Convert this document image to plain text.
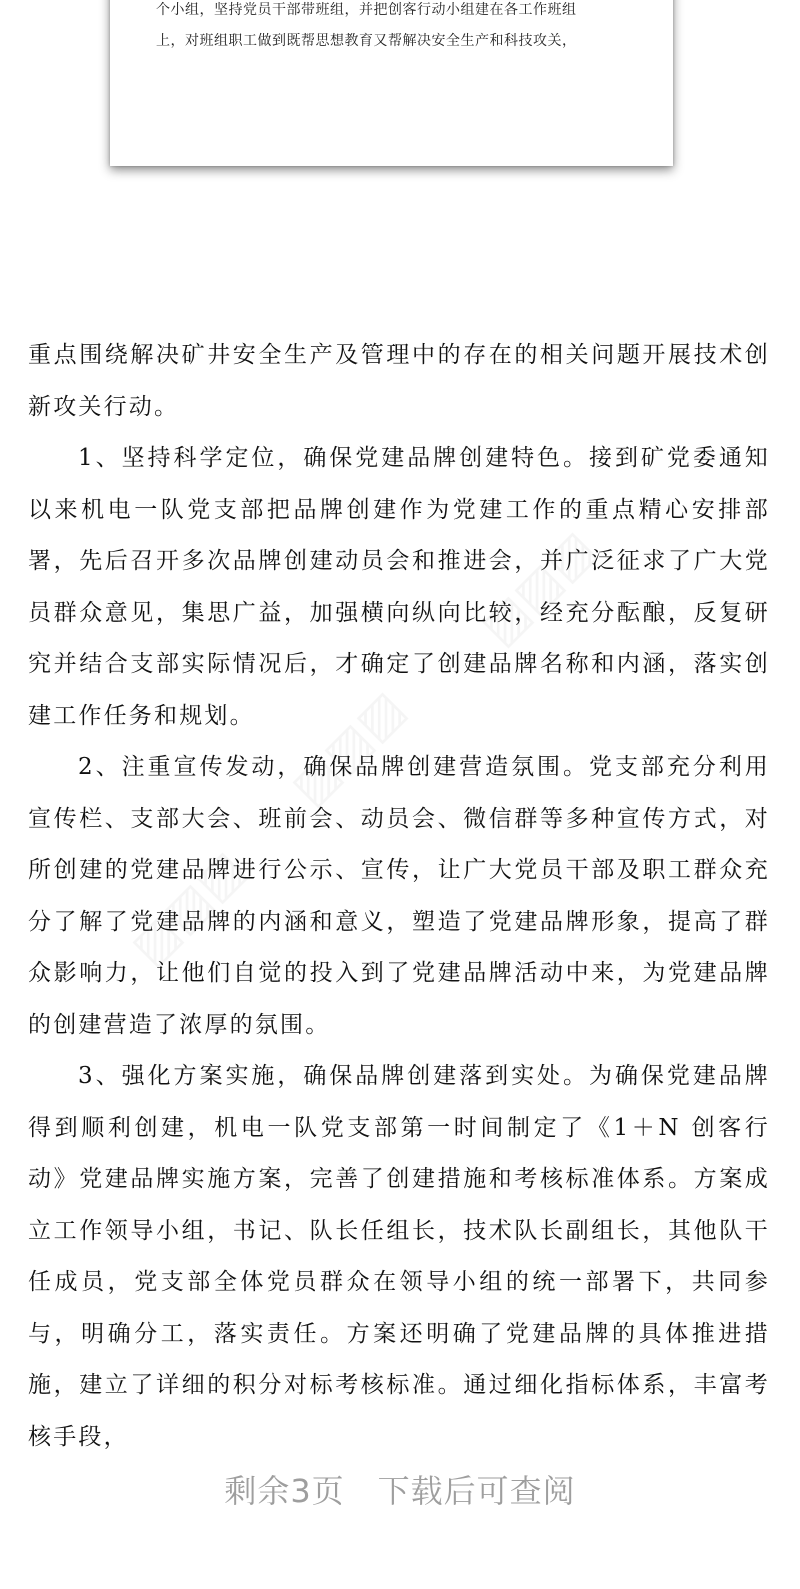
个小组，坚持党员干部带班组，并把创客行动小组建在各工作班组
上，对班组职工做到既帮思想教育又帮解决安全生产和科技攻关，
▨▨▨
▨▨▨
▨▨▨

重点围绕解决矿井安全生产及管理中的存在的相关问题开展技术创新攻关行动。

1、坚持科学定位，确保党建品牌创建特色。接到矿党委通知以来机电一队党支部把品牌创建作为党建工作的重点精心安排部署，先后召开多次品牌创建动员会和推进会，并广泛征求了广大党员群众意见，集思广益，加强横向纵向比较，经充分酝酿，反复研究并结合支部实际情况后，才确定了创建品牌名称和内涵，落实创建工作任务和规划。

2、注重宣传发动，确保品牌创建营造氛围。党支部充分利用宣传栏、支部大会、班前会、动员会、微信群等多种宣传方式，对所创建的党建品牌进行公示、宣传，让广大党员干部及职工群众充分了解了党建品牌的内涵和意义，塑造了党建品牌形象，提高了群众影响力，让他们自觉的投入到了党建品牌活动中来，为党建品牌的创建营造了浓厚的氛围。

3、强化方案实施，确保品牌创建落到实处。为确保党建品牌得到顺利创建，机电一队党支部第一时间制定了《1＋N 创客行动》党建品牌实施方案，完善了创建措施和考核标准体系。方案成立工作领导小组，书记、队长任组长，技术队长副组长，其他队干任成员，党支部全体党员群众在领导小组的统一部署下，共同参与，明确分工，落实责任。方案还明确了党建品牌的具体推进措施，建立了详细的积分对标考核标准。通过细化指标体系，丰富考核手段，

剩余3页　下载后可查阅
